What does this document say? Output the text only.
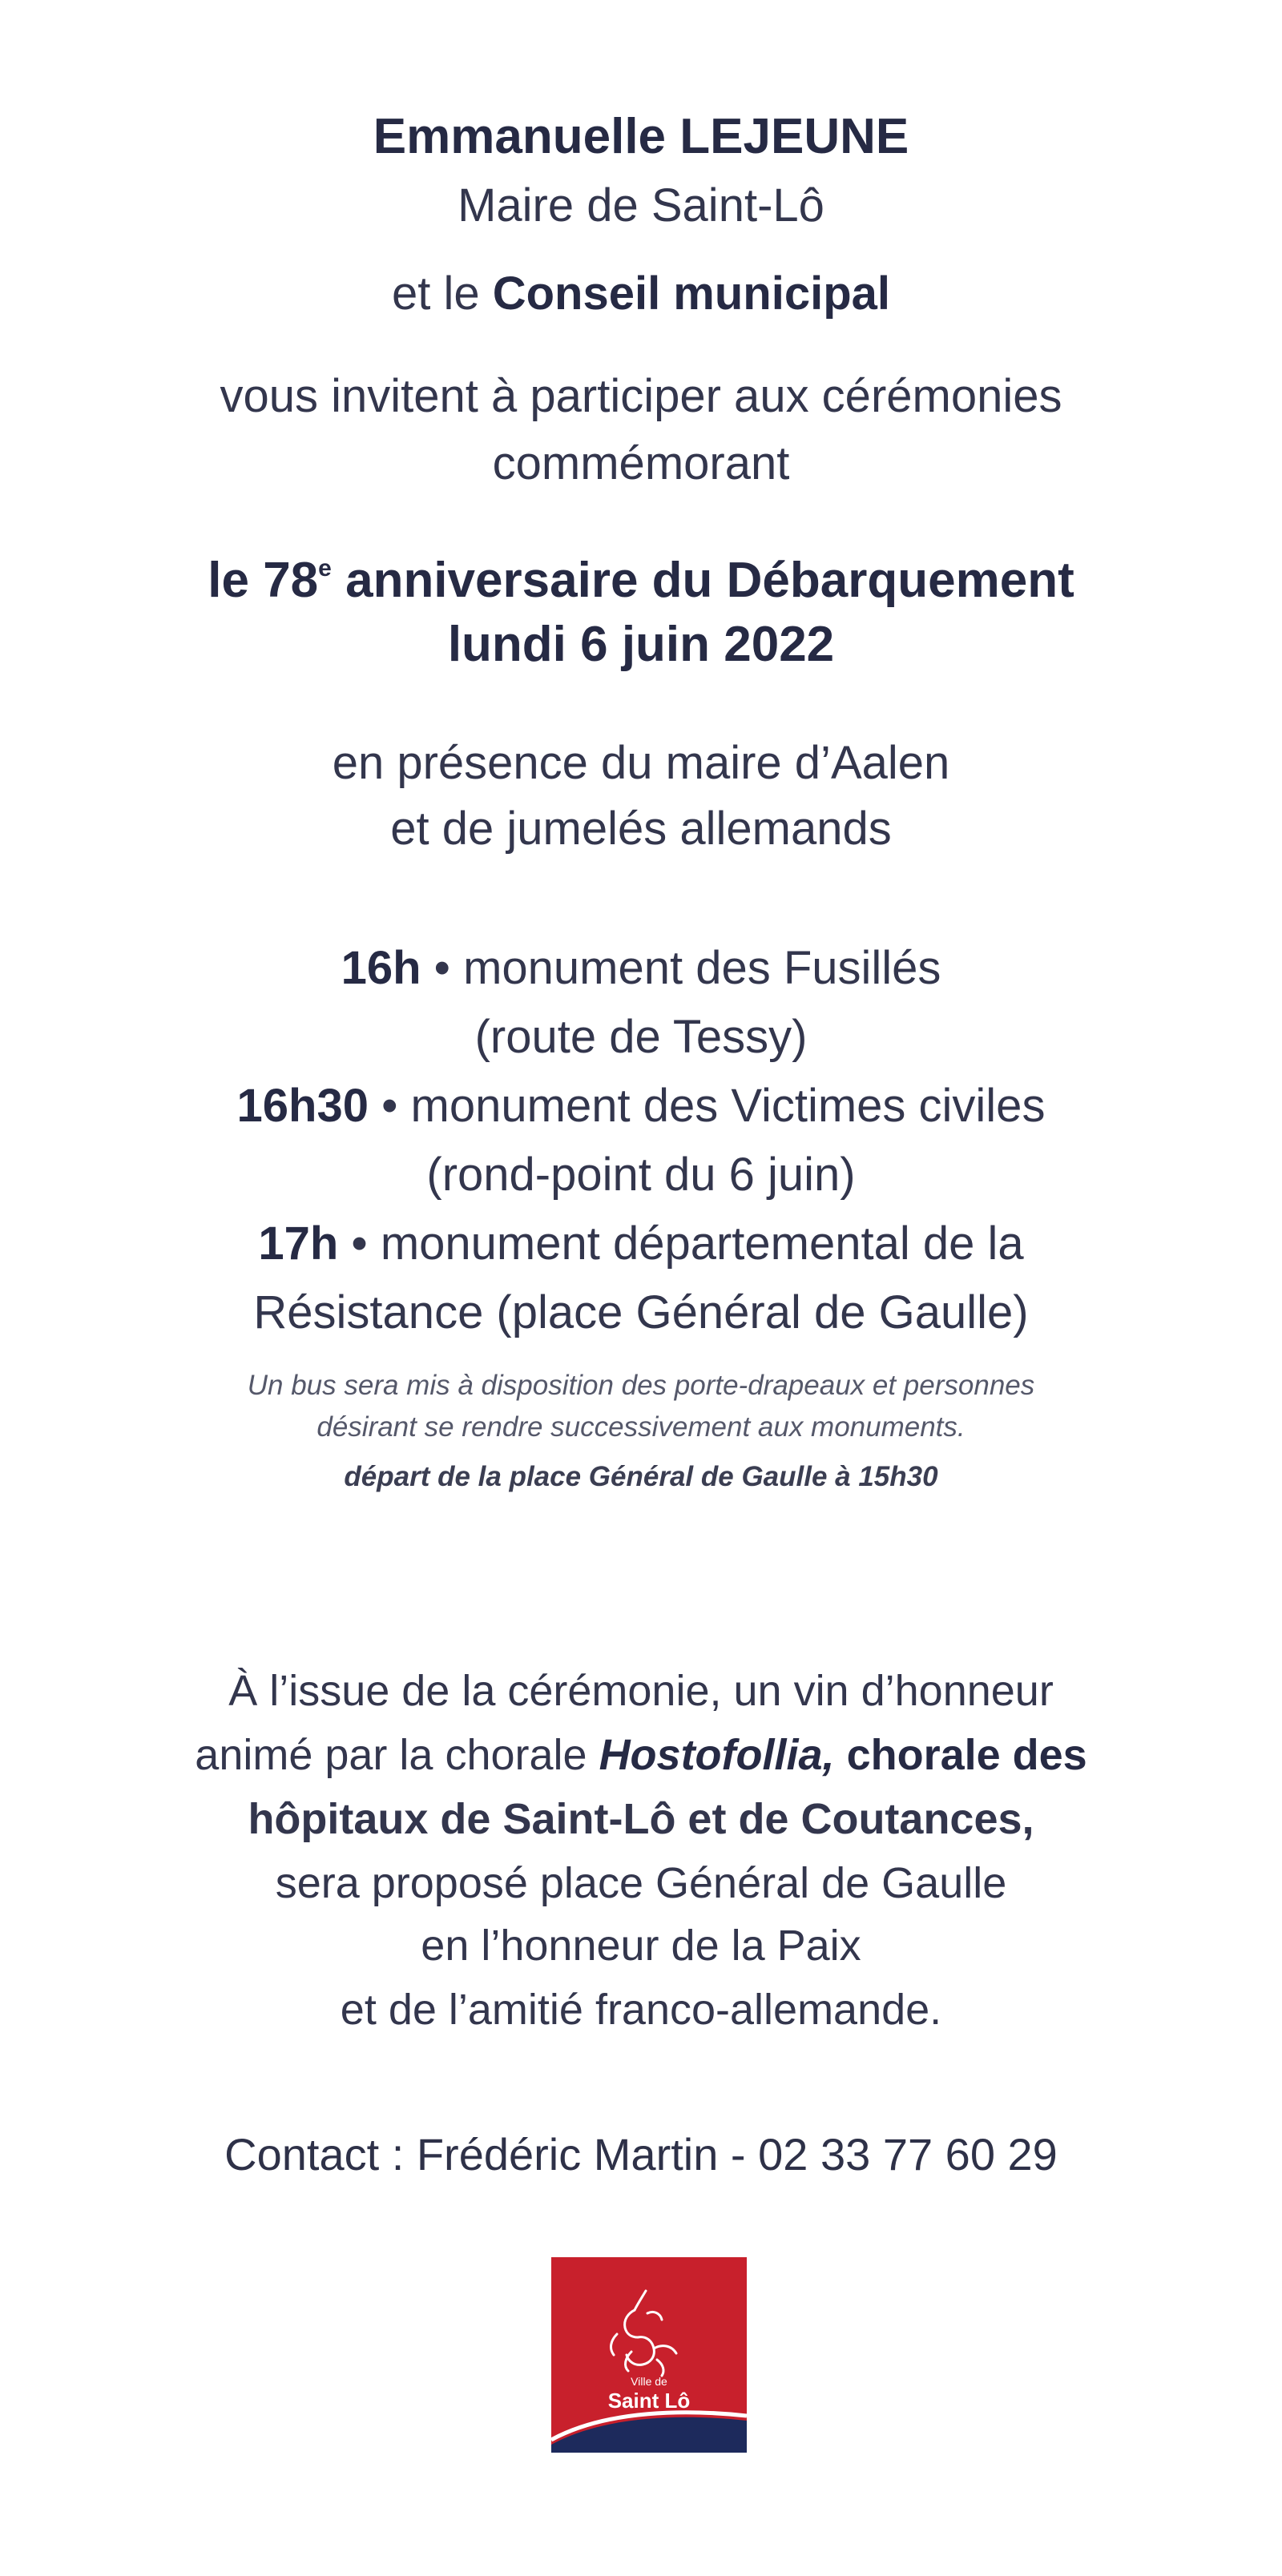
Emmanuelle LEJEUNE

Maire de Saint-Lô

et le Conseil municipal

vous invitent à participer aux cérémonies

commémorant

le 78e anniversaire du Débarquement

lundi 6 juin 2022

en présence du maire d’Aalen

et de jumelés allemands

16h • monument des Fusillés

(route de Tessy)

16h30 • monument des Victimes civiles

(rond-point du 6 juin)

17h • monument départemental de la

Résistance (place Général de Gaulle)

Un bus sera mis à disposition des porte-drapeaux et personnes

désirant se rendre successivement aux monuments.

départ de la place Général de Gaulle à 15h30

À l’issue de la cérémonie, un vin d’honneur

animé par la chorale Hostofollia, chorale des

hôpitaux de Saint-Lô et de Coutances,

sera proposé place Général de Gaulle

en l’honneur de la Paix

et de l’amitié franco-allemande.

Contact : Frédéric Martin - 02 33 77 60 29

Ville de
Saint Lô
